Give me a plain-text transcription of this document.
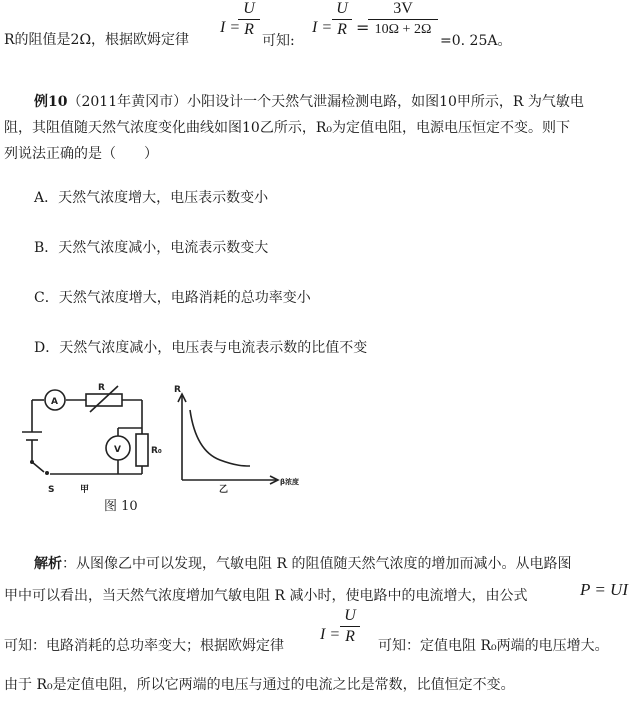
R的阻值是2Ω，根据欧姆定律
I =
U
R
可知:
I =
U
R =
3V
10Ω + 2Ω
=0. 25A。
例10（2011年黄冈市）小阳设计一个天然气泄漏检测电路，如图10甲所示，R 为气敏电
阻，其阻值随天然气浓度变化曲线如图10乙所示，R₀为定值电阻，电源电压恒定不变。则下
列说法正确的是（　　）
A．天然气浓度增大，电压表示数变小
B．天然气浓度减小，电流表示数变大
C．天然气浓度增大，电路消耗的总功率变小
D．天然气浓度减小，电压表与电流表示数的比值不变
A
V
R
R₀
S	甲
R
β浓度
乙
图 10
解析：从图像乙中可以发现，气敏电阻 R 的阻值随天然气浓度的增加而减小。从电路图
甲中可以看出，当天然气浓度增加气敏电阻 R 减小时，使电路中的电流增大，由公式	P = UI
I =
U
R
可知：电路消耗的总功率变大；根据欧姆定律	可知：定值电阻 R₀两端的电压增大。
由于 R₀是定值电阻，所以它两端的电压与通过的电流之比是常数，比值恒定不变。
